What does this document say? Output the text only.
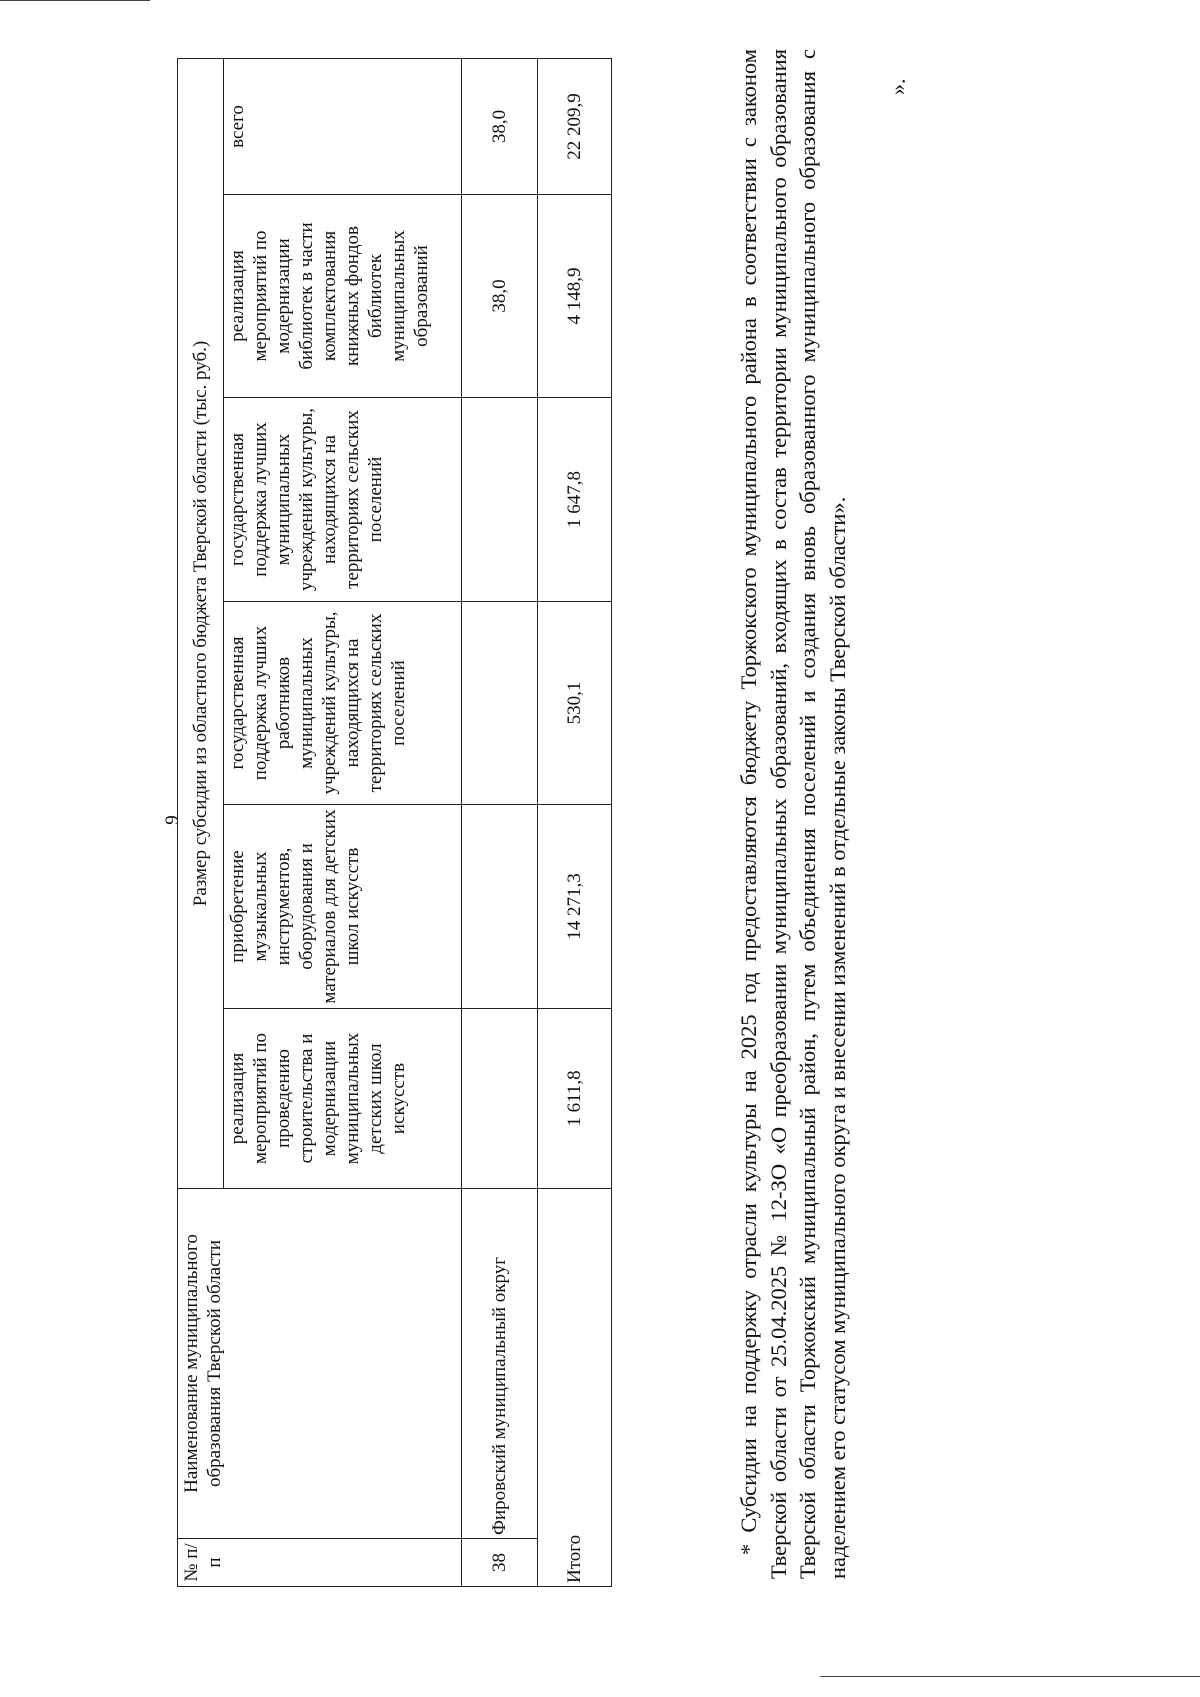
9
№ п/п	Наименование муниципального образования Тверской области	Размер субсидии из областного бюджета Тверской области (тыс. руб.)					
		реализация мероприятий по проведению строительства и модернизации муниципальных детских школ искусств	приобретение музыкальных инструментов, оборудования и материалов для детских школ искусств	государственная поддержка лучших работников муниципальных учреждений культуры, находящихся на территориях сельских поселений	государственная поддержка лучших муниципальных учреждений культуры, находящихся на территориях сельских поселений	реализация мероприятий по модернизации библиотек в части комплектования книжных фондов библиотек муниципальных образований	всего
38	Фировский муниципальный округ					38,0	38,0
Итого		1 611,8	14 271,3	530,1	1 647,8	4 148,9	22 209,9	* Субсидии на поддержку отрасли культуры на 2025 год предоставляются бюджету Торжокского муниципального района в соответствии с законом Тверской области от 25.04.2025 № 12-ЗО «О преобразовании муниципальных образований, входящих в состав территории муниципального образования Тверской области Торжокский муниципальный район, путем объединения поселений и создания вновь образованного муниципального образования с наделением его статусом муниципального округа и внесении изменений в отдельные законы Тверской области».

».
